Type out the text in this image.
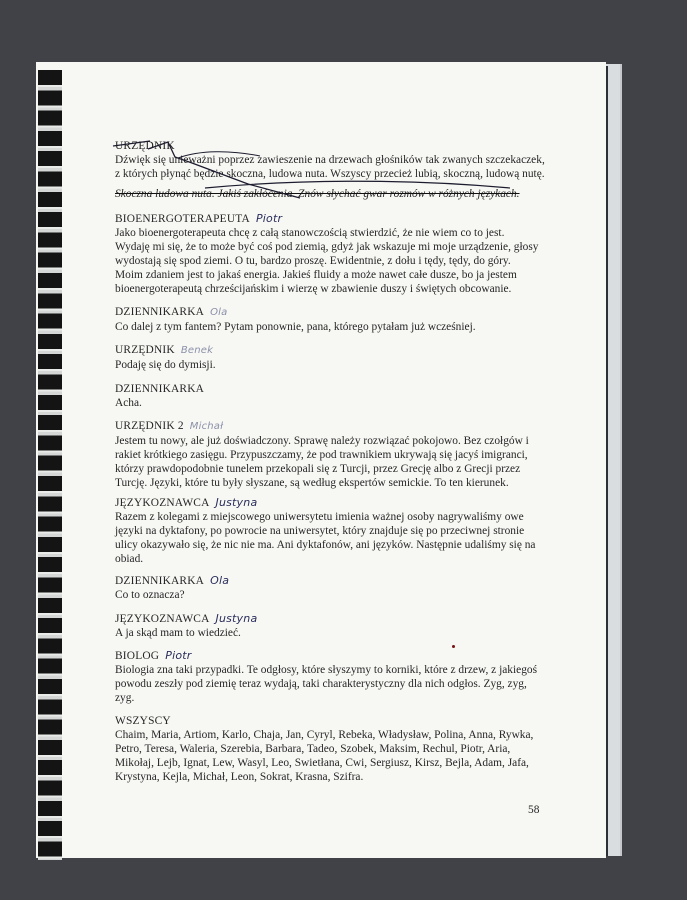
URZĘDNIK
Dźwięk się unieważni poprzez zawieszenie na drzewach głośników tak zwanych szczekaczek,
z których płynąć będzie skoczna, ludowa nuta. Wszyscy przecież lubią, skoczną, ludową nutę.
Skoczna ludowa nuta. Jakiś zakłócenia. Znów słychać gwar rozmów w różnych językach.
BIOENERGOTERAPEUTA Piotr
Jako bioenergoterapeuta chcę z całą stanowczością stwierdzić, że nie wiem co to jest.
Wydaję mi się, że to może być coś pod ziemią, gdyż jak wskazuje mi moje urządzenie, głosy
wydostają się spod ziemi. O tu, bardzo proszę. Ewidentnie, z dołu i tędy, tędy, do góry.
Moim zdaniem jest to jakaś energia. Jakieś fluidy a może nawet całe dusze, bo ja jestem
bioenergoterapeutą chrześcijańskim i wierzę w zbawienie duszy i świętych obcowanie.
DZIENNIKARKA Ola
Co dalej z tym fantem? Pytam ponownie, pana, którego pytałam już wcześniej.
URZĘDNIK Benek
Podaję się do dymisji.
DZIENNIKARKA
Acha.
URZĘDNIK 2 Michał
Jestem tu nowy, ale już doświadczony. Sprawę należy rozwiązać pokojowo. Bez czołgów i
rakiet krótkiego zasięgu. Przypuszczamy, że pod trawnikiem ukrywają się jacyś imigranci,
którzy prawdopodobnie tunelem przekopali się z Turcji, przez Grecję albo z Grecji przez
Turcję. Języki, które tu były słyszane, są według ekspertów semickie. To ten kierunek.
JĘZYKOZNAWCA Justyna
Razem z kolegami z miejscowego uniwersytetu imienia ważnej osoby nagrywaliśmy owe
języki na dyktafony, po powrocie na uniwersytet, który znajduje się po przeciwnej stronie
ulicy okazywało się, że nic nie ma. Ani dyktafonów, ani języków. Następnie udaliśmy się na
obiad.
DZIENNIKARKA Ola
Co to oznacza?
JĘZYKOZNAWCA Justyna
A ja skąd mam to wiedzieć.
BIOLOG Piotr
Biologia zna taki przypadki. Te odgłosy, które słyszymy to korniki, które z drzew, z jakiegoś
powodu zeszły pod ziemię teraz wydają, taki charakterystyczny dla nich odgłos. Zyg, zyg,
zyg.
WSZYSCY
Chaim, Maria, Artiom, Karlo, Chaja, Jan, Cyryl, Rebeka, Władysław, Polina, Anna, Rywka,
Petro, Teresa, Waleria, Szerebia, Barbara, Tadeo, Szobek, Maksim, Rechul, Piotr, Aria,
Mikołaj, Lejb, Ignat, Lew, Wasyl, Leo, Swietłana, Cwi, Sergiusz, Kirsz, Bejla, Adam, Jafa,
Krystyna, Kejla, Michał, Leon, Sokrat, Krasna, Szifra.
58
